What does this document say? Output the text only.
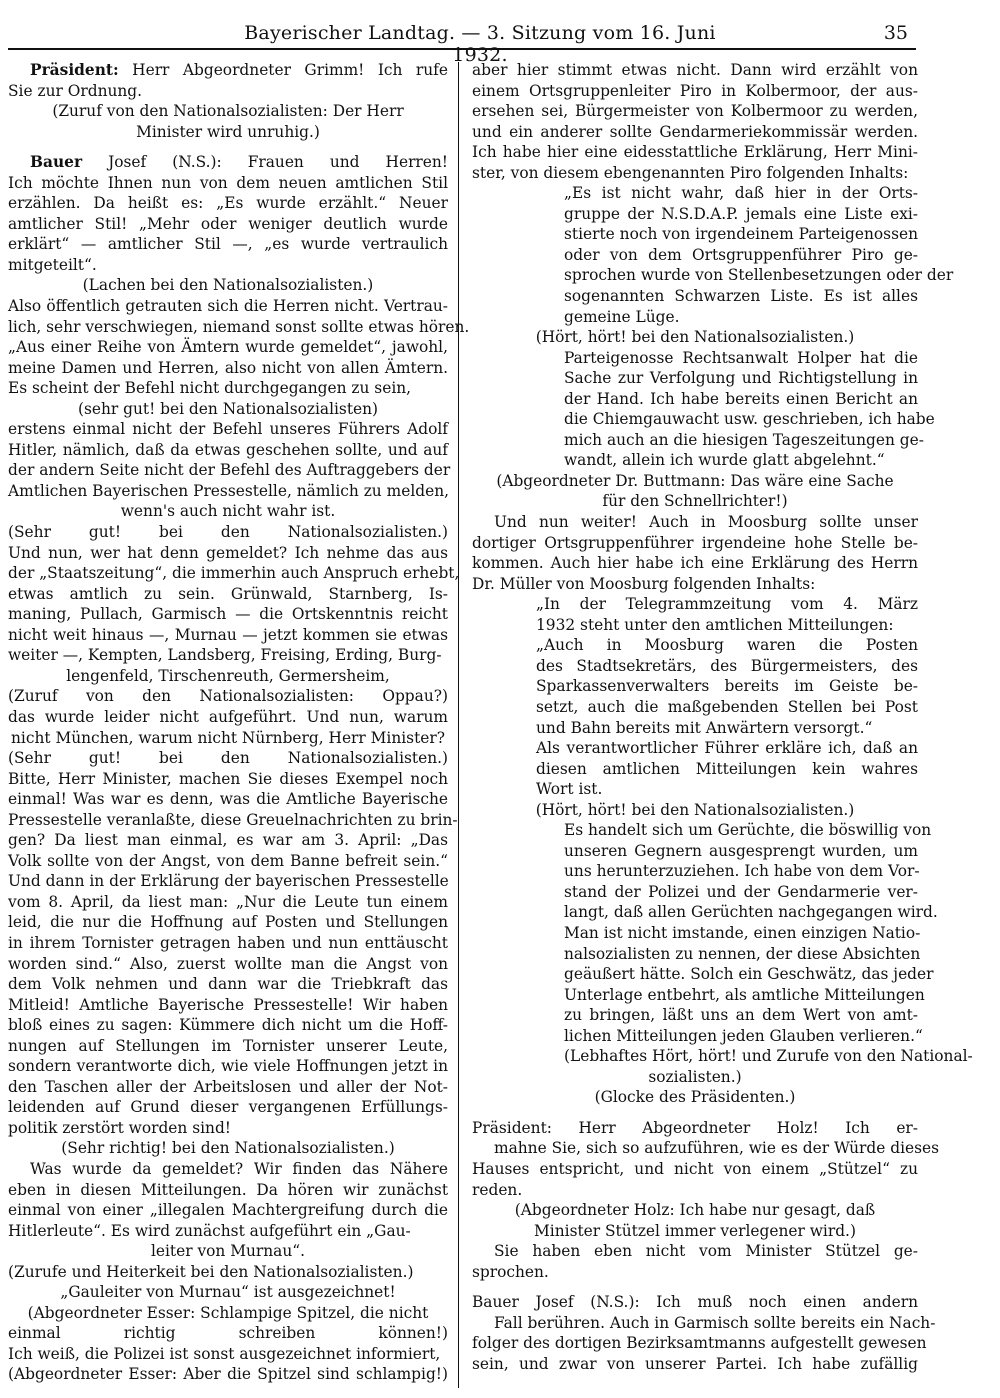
Bayerischer Landtag. — 3. Sitzung vom 16. Juni 1932.
35
Präsident: Herr Abgeordneter Grimm! Ich rufe
Sie zur Ordnung.
(Zuruf von den Nationalsozialisten: Der Herr
Minister wird unruhig.)
Bauer Josef (N.S.): Frauen und Herren!
Ich möchte Ihnen nun von dem neuen amtlichen Stil
erzählen. Da heißt es: „Es wurde erzählt.“ Neuer
amtlicher Stil! „Mehr oder weniger deutlich wurde
erklärt“ — amtlicher Stil —, „es wurde vertraulich
mitgeteilt“.
(Lachen bei den Nationalsozialisten.)
Also öffentlich getrauten sich die Herren nicht. Vertrau-
lich, sehr verschwiegen, niemand sonst sollte etwas hören.
„Aus einer Reihe von Ämtern wurde gemeldet“, jawohl,
meine Damen und Herren, also nicht von allen Ämtern.
Es scheint der Befehl nicht durchgegangen zu sein,
(sehr gut! bei den Nationalsozialisten)
erstens einmal nicht der Befehl unseres Führers Adolf
Hitler, nämlich, daß da etwas geschehen sollte, und auf
der andern Seite nicht der Befehl des Auftraggebers der
Amtlichen Bayerischen Pressestelle, nämlich zu melden,
wenn's auch nicht wahr ist.
(Sehr gut! bei den Nationalsozialisten.)
Und nun, wer hat denn gemeldet? Ich nehme das aus
der „Staatszeitung“, die immerhin auch Anspruch erhebt,
etwas amtlich zu sein. Grünwald, Starnberg, Is-
maning, Pullach, Garmisch — die Ortskenntnis reicht
nicht weit hinaus —, Murnau — jetzt kommen sie etwas
weiter —, Kempten, Landsberg, Freising, Erding, Burg-
lengenfeld, Tirschenreuth, Germersheim,
(Zuruf von den Nationalsozialisten: Oppau?)
das wurde leider nicht aufgeführt. Und nun, warum
nicht München, warum nicht Nürnberg, Herr Minister?
(Sehr gut! bei den Nationalsozialisten.)
Bitte, Herr Minister, machen Sie dieses Exempel noch
einmal! Was war es denn, was die Amtliche Bayerische
Pressestelle veranlaßte, diese Greuelnachrichten zu brin-
gen? Da liest man einmal, es war am 3. April: „Das
Volk sollte von der Angst, von dem Banne befreit sein.“
Und dann in der Erklärung der bayerischen Pressestelle
vom 8. April, da liest man: „Nur die Leute tun einem
leid, die nur die Hoffnung auf Posten und Stellungen
in ihrem Tornister getragen haben und nun enttäuscht
worden sind.“ Also, zuerst wollte man die Angst von
dem Volk nehmen und dann war die Triebkraft das
Mitleid! Amtliche Bayerische Pressestelle! Wir haben
bloß eines zu sagen: Kümmere dich nicht um die Hoff-
nungen auf Stellungen im Tornister unserer Leute,
sondern verantworte dich, wie viele Hoffnungen jetzt in
den Taschen aller der Arbeitslosen und aller der Not-
leidenden auf Grund dieser vergangenen Erfüllungs-
politik zerstört worden sind!
(Sehr richtig! bei den Nationalsozialisten.)
Was wurde da gemeldet? Wir finden das Nähere
eben in diesen Mitteilungen. Da hören wir zunächst
einmal von einer „illegalen Machtergreifung durch die
Hitlerleute“. Es wird zunächst aufgeführt ein „Gau-
leiter von Murnau“.
(Zurufe und Heiterkeit bei den Nationalsozialisten.)
„Gauleiter von Murnau“ ist ausgezeichnet!
(Abgeordneter Esser: Schlampige Spitzel, die nicht
einmal richtig schreiben können!)
Ich weiß, die Polizei ist sonst ausgezeichnet informiert,
(Abgeordneter Esser: Aber die Spitzel sind schlampig!)
aber hier stimmt etwas nicht. Dann wird erzählt von
einem Ortsgruppenleiter Piro in Kolbermoor, der aus-
ersehen sei, Bürgermeister von Kolbermoor zu werden,
und ein anderer sollte Gendarmeriekommissär werden.
Ich habe hier eine eidesstattliche Erklärung, Herr Mini-
ster, von diesem ebengenannten Piro folgenden Inhalts:
„Es ist nicht wahr, daß hier in der Orts-
gruppe der N.S.D.A.P. jemals eine Liste exi-
stierte noch von irgendeinem Parteigenossen
oder von dem Ortsgruppenführer Piro ge-
sprochen wurde von Stellenbesetzungen oder der
sogenannten Schwarzen Liste. Es ist alles
gemeine Lüge.
(Hört, hört! bei den Nationalsozialisten.)
Parteigenosse Rechtsanwalt Holper hat die
Sache zur Verfolgung und Richtigstellung in
der Hand. Ich habe bereits einen Bericht an
die Chiemgauwacht usw. geschrieben, ich habe
mich auch an die hiesigen Tageszeitungen ge-
wandt, allein ich wurde glatt abgelehnt.“
(Abgeordneter Dr. Buttmann: Das wäre eine Sache
für den Schnellrichter!)
Und nun weiter! Auch in Moosburg sollte unser
dortiger Ortsgruppenführer irgendeine hohe Stelle be-
kommen. Auch hier habe ich eine Erklärung des Herrn
Dr. Müller von Moosburg folgenden Inhalts:
„In der Telegrammzeitung vom 4. März
1932 steht unter den amtlichen Mitteilungen:
„Auch in Moosburg waren die Posten
des Stadtsekretärs, des Bürgermeisters, des
Sparkassenverwalters bereits im Geiste be-
setzt, auch die maßgebenden Stellen bei Post
und Bahn bereits mit Anwärtern versorgt.“
Als verantwortlicher Führer erkläre ich, daß an
diesen amtlichen Mitteilungen kein wahres
Wort ist.
(Hört, hört! bei den Nationalsozialisten.)
Es handelt sich um Gerüchte, die böswillig von
unseren Gegnern ausgesprengt wurden, um
uns herunterzuziehen. Ich habe von dem Vor-
stand der Polizei und der Gendarmerie ver-
langt, daß allen Gerüchten nachgegangen wird.
Man ist nicht imstande, einen einzigen Natio-
nalsozialisten zu nennen, der diese Absichten
geäußert hätte. Solch ein Geschwätz, das jeder
Unterlage entbehrt, als amtliche Mitteilungen
zu bringen, läßt uns an dem Wert von amt-
lichen Mitteilungen jeden Glauben verlieren.“
(Lebhaftes Hört, hört! und Zurufe von den National-
sozialisten.)
(Glocke des Präsidenten.)
Präsident: Herr Abgeordneter Holz! Ich er-
mahne Sie, sich so aufzuführen, wie es der Würde dieses
Hauses entspricht, und nicht von einem „Stützel“ zu
reden.
(Abgeordneter Holz: Ich habe nur gesagt, daß
Minister Stützel immer verlegener wird.)
Sie haben eben nicht vom Minister Stützel ge-
sprochen.
Bauer Josef (N.S.): Ich muß noch einen andern
Fall berühren. Auch in Garmisch sollte bereits ein Nach-
folger des dortigen Bezirksamtmanns aufgestellt gewesen
sein, und zwar von unserer Partei. Ich habe zufällig
